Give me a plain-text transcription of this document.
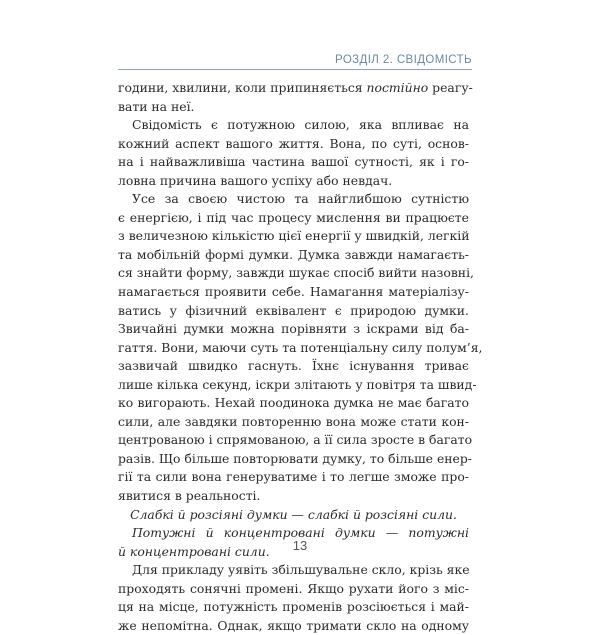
РОЗДІЛ 2. СВІДОМІСТЬ
години, хвилини, коли припиняється постійно реагу-
вати на неї.
Свідомість є потужною силою, яка впливає на
кожний аспект вашого життя. Вона, по суті, основ-
на і найважливіша частина вашої сутності, як і го-
ловна причина вашого успіху або невдач.
Усе за своєю чистою та найглибшою сутністю
є енергією, і під час процесу мислення ви працюєте
з величезною кількістю цієї енергії у швидкій, легкій
та мобільній формі думки. Думка завжди намагаєть-
ся знайти форму, завжди шукає спосіб вийти назовні,
намагається проявити себе. Намагання матеріалізу-
ватись у фізичний еквівалент є природою думки.
Звичайні думки можна порівняти з іскрами від ба-
гаття. Вони, маючи суть та потенціальну силу полум’я,
зазвичай швидко гаснуть. Їхнє існування триває
лише кілька секунд, іскри злітають у повітря та швид-
ко вигорають. Нехай поодинока думка не має багато
сили, але завдяки повторенню вона може стати кон-
центрованою і спрямованою, а її сила зросте в багато
разів. Що більше повторювати думку, то більше енер-
гії та сили вона генеруватиме і то легше зможе про-
явитися в реальності.
Слабкі й розсіяні думки — слабкі й розсіяні сили.
Потужні й концентровані думки — потужні
й концентровані сили.
Для прикладу уявіть збільшувальне скло, крізь яке
проходять сонячні промені. Якщо рухати його з міс-
ця на місце, потужність променів розсіюється і май-
же непомітна. Однак, якщо тримати скло на одному
13
